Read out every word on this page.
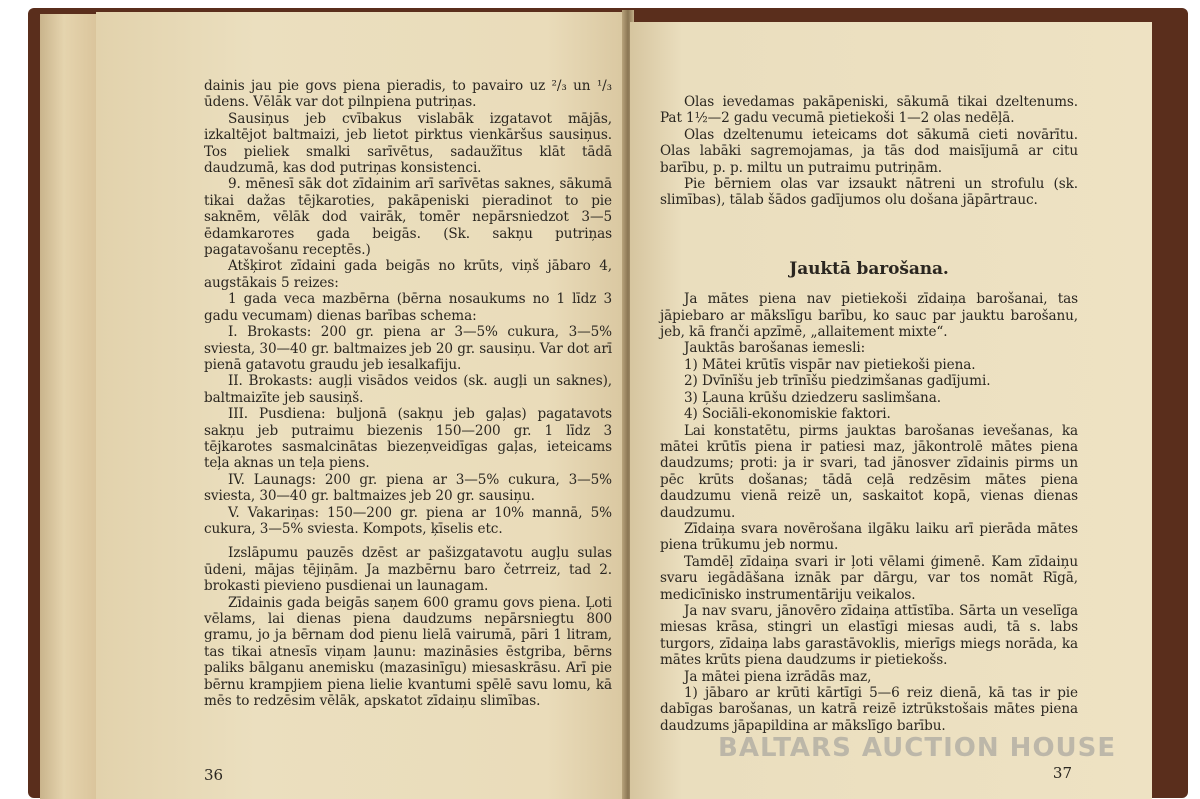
dainis jau pie govs piena pieradis, to pavairo uz ²/₃ un ¹/₃ ūdens. Vēlāk var dot pilnpiena putriņas.

Sausiņus jeb cvībakus vislabāk izgatavot mājās, izkaltējot baltmaizi, jeb lietot pirktus vienkāršus sausiņus. Tos pieliek smalki sarīvētus, sadaužītus klāt tādā daudzumā, kas dod putriņas konsistenci.

9. mēnesī sāk dot zīdainim arī sarīvētas saknes, sākumā tikai dažas tējkaroties, pakāpeniski pieradinot to pie saknēm, vēlāk dod vairāk, tomēr nepārsniedzot 3—5 ēdamkaroтes gada beigās. (Sk. sakņu putriņas pagatavošanu receptēs.)

Atšķirot zīdaini gada beigās no krūts, viņš jābaro 4, augstākais 5 reizes:

1 gada veca mazbērna (bērna nosaukums no 1 līdz 3 gadu vecumam) dienas barības schema:

I. Brokasts: 200 gr. piena ar 3—5% cukura, 3—5% sviesta, 30—40 gr. baltmaizes jeb 20 gr. sausiņu. Var dot arī pienā gatavotu graudu jeb iesalkafiju.

II. Brokasts: augļi visādos veidos (sk. augļi un saknes), baltmaizīte jeb sausiņš.

III. Pusdiena: buljonā (sakņu jeb gaļas) pagatavots sakņu jeb putraimu biezenis 150—200 gr. 1 līdz 3 tējkarotes sasmalcinātas biezeņveidīgas gaļas, ieteicams teļa aknas un teļa piens.

IV. Launags: 200 gr. piena ar 3—5% cukura, 3—5% sviesta, 30—40 gr. baltmaizes jeb 20 gr. sausiņu.

V. Vakariņas: 150—200 gr. piena ar 10% mannā, 5% cukura, 3—5% sviesta. Kompots, ķīselis etc.

Izslāpumu pauzēs dzēst ar pašizgatavotu augļu sulas ūdeni, mājas tējiņām. Ja mazbērnu baro četrreiz, tad 2. brokasti pievieno pusdienai un launagam.

Zīdainis gada beigās saņem 600 gramu govs piena. Ļoti vēlams, lai dienas piena daudzums nepārsniegtu 800 gramu, jo ja bērnam dod pienu lielā vairumā, pāri 1 litram, tas tikai atnesīs viņam ļaunu: mazināsies ēstgriba, bērns paliks bālganu anemisku (mazasinīgu) miesaskrāsu. Arī pie bērnu krampjiem piena lielie kvantumi spēlē savu lomu, kā mēs to redzēsim vēlāk, apskatot zīdaiņu slimības.

36

Olas ievedamas pakāpeniski, sākumā tikai dzeltenums. Pat 1½—2 gadu vecumā pietiekoši 1—2 olas nedēļā.

Olas dzeltenumu ieteicams dot sākumā cieti novārītu. Olas labāki sagremojamas, ja tās dod maisījumā ar citu barību, p. p. miltu un putraimu putriņām.

Pie bērniem olas var izsaukt nātreni un strofulu (sk. slimības), tālab šādos gadījumos olu došana jāpārtrauc.

Jauktā barošana.

Ja mātes piena nav pietiekoši zīdaiņa barošanai, tas jāpiebaro ar mākslīgu barību, ko sauc par jauktu barošanu, jeb, kā franči apzīmē, „allaitement mixte“.

Jauktās barošanas iemesli:

1) Mātei krūtīs vispār nav pietiekoši piena.

2) Dvīnīšu jeb trīnīšu piedzimšanas gadījumi.

3) Ļauna krūšu dziedzeru saslimšana.

4) Sociāli-ekonomiskie faktori.

Lai konstatētu, pirms jauktas barošanas ievešanas, ka mātei krūtīs piena ir patiesi maz, jākontrolē mātes piena daudzums; proti: ja ir svari, tad jānosver zīdainis pirms un pēc krūts došanas; tādā ceļā redzēsim mātes piena daudzumu vienā reizē un, saskaitot kopā, vienas dienas daudzumu.

Zīdaiņa svara novērošana ilgāku laiku arī pierāda mātes piena trūkumu jeb normu.

Tamdēļ zīdaiņa svari ir ļoti vēlami ģimenē. Kam zīdaiņu svaru iegādāšana iznāk par dārgu, var tos nomāt Rīgā, medicīniskо instrumentāriju veikalos.

Ja nav svaru, jānovēro zīdaiņa attīstība. Sārta un veselīga miesas krāsa, stingri un elastīgi miesas audi, tā s. labs turgors, zīdaiņa labs garastāvoklis, mierīgs miegs norāda, ka mātes krūts piena daudzums ir pietiekošs.

Ja mātei piena izrādās maz,

1) jābaro ar krūti kārtīgi 5—6 reiz dienā, kā tas ir pie dabīgas barošanas, un katrā reizē iztrūkstošais mātes piena daudzums jāpapildina ar mākslīgo barību.

37
BALTARS AUCTION HOUSE
